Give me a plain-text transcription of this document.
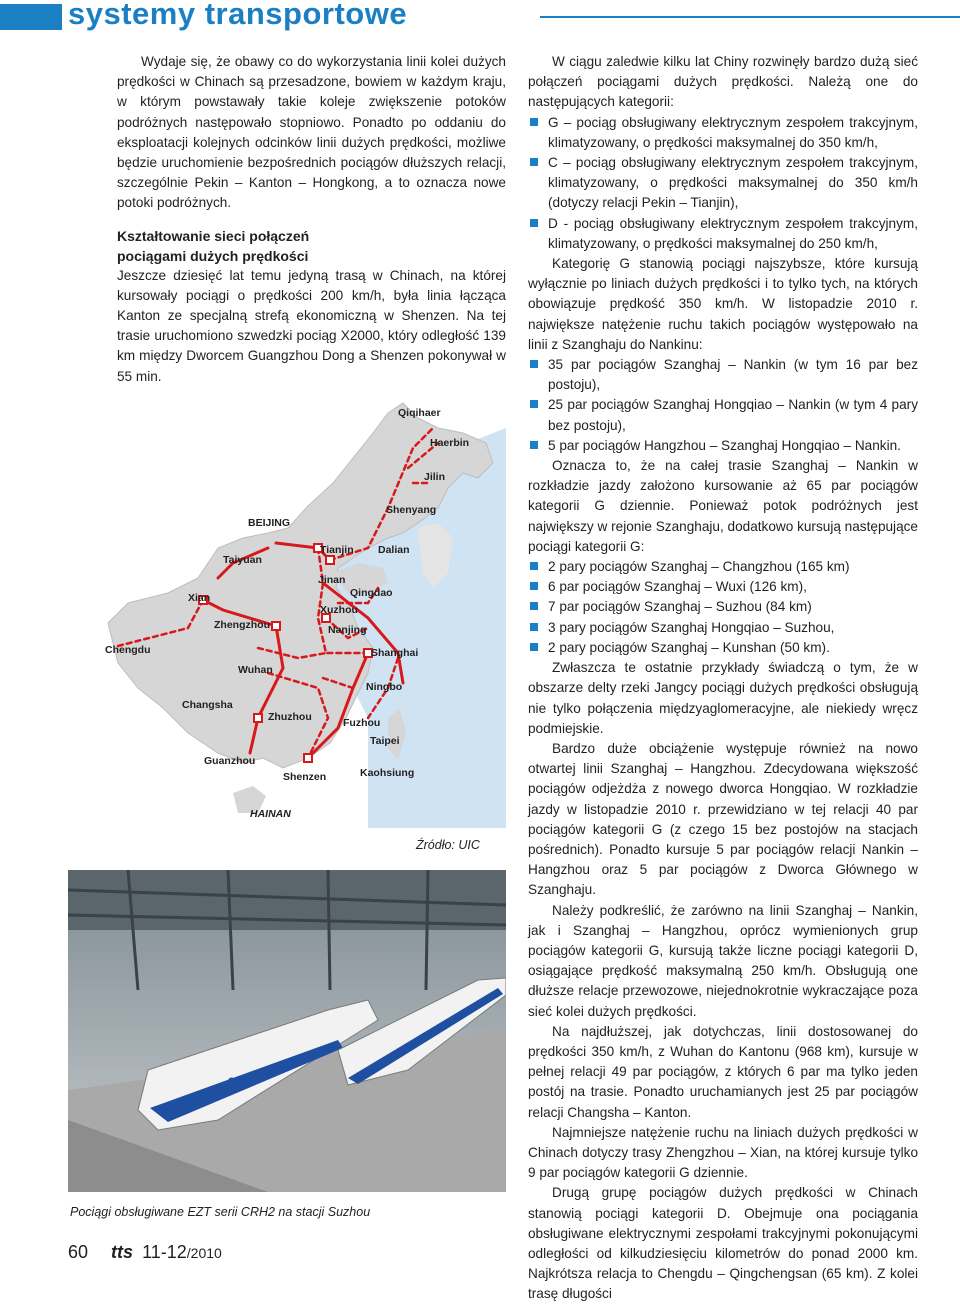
systemy transportowe

Wydaje się, że obawy co do wykorzystania linii kolei dużych prędkości w Chinach są przesadzone, bowiem w każdym kraju, w którym powstawały takie koleje zwiększenie potoków podróżnych następowało stopniowo. Ponadto po oddaniu do eksploatacji kolejnych odcinków linii dużych prędkości, możliwe będzie uruchomienie bezpośrednich pociągów dłuższych relacji, szczególnie Pekin – Kanton – Hongkong, a to oznacza nowe potoki podróżnych.

Kształtowanie sieci połączeń
pociągami dużych prędkości

Jeszcze dziesięć lat temu jedyną trasą w Chinach, na której kursowały pociągi o prędkości 200 km/h, była linia łącząca Kanton ze specjalną strefą ekonomiczną w Shenzen. Na tej trasie uruchomiono szwedzki pociąg X2000, który odległość 139 km między Dworcem Guangzhou Dong a Shenzen pokonywał w 55 min.

Qiqihaer
Haerbin
Jilin
Shenyang
BEIJING
Tianjin Dalian
Taiyuan
Jinan
Qingdao
Xian
Xuzhou
Zhengzhou	Nanjing
Chengdu	Shanghai
Wuhan
Ningbo
Changsha
Zhuzhou	Fuzhou
Taipei
Guanzhou
Shenzen	Kaohsiung
HAINAN
Źródło: UIC
CRH
Pociągi obsługiwane EZT serii CRH2 na stacji Suzhou

W ciągu zaledwie kilku lat Chiny rozwinęły bardzo dużą sieć połączeń pociągami dużych prędkości. Należą one do następujących kategorii:

G – pociąg obsługiwany elektrycznym zespołem trakcyjnym, klimatyzowany, o prędkości maksymalnej do 350 km/h,
C – pociąg obsługiwany elektrycznym zespołem trakcyjnym, klimatyzowany, o prędkości maksymalnej do 350 km/h (dotyczy relacji Pekin – Tianjin),
D - pociąg obsługiwany elektrycznym zespołem trakcyjnym, klimatyzowany, o prędkości maksymalnej do 250 km/h,

Kategorię G stanowią pociągi najszybsze, które kursują wyłącznie po liniach dużych prędkości i to tylko tych, na których obowiązuje prędkość 350 km/h. W listopadzie 2010 r. największe natężenie ruchu takich pociągów występowało na linii z Szanghaju do Nankinu:

35 par pociągów Szanghaj – Nankin (w tym 16 par bez postoju),
25 par pociągów Szanghaj Hongqiao – Nankin (w tym 4 pary bez postoju),
5 par pociągów Hangzhou – Szanghaj Hongqiao – Nankin.

Oznacza to, że na całej trasie Szanghaj – Nankin w rozkładzie jazdy założono kursowanie aż 65 par pociągów kategorii G dziennie. Ponieważ potok podróżnych jest największy w rejonie Szanghaju, dodatkowo kursują następujące pociągi kategorii G:

2 pary pociągów Szanghaj – Changzhou (165 km)
6 par pociągów Szanghaj – Wuxi (126 km),
7 par pociągów Szanghaj – Suzhou (84 km)
3 pary pociągów Szanghaj Hongqiao – Suzhou,
2 pary pociągów Szanghaj – Kunshan (50 km).

Zwłaszcza te ostatnie przykłady świadczą o tym, że w obszarze delty rzeki Jangcy pociągi dużych prędkości obsługują nie tylko połączenia międzyaglomeracyjne, ale niekiedy wręcz podmiejskie.

Bardzo duże obciążenie występuje również na nowo otwartej linii Szanghaj – Hangzhou. Zdecydowana większość pociągów odjeżdża z nowego dworca Hongqiao. W rozkładzie jazdy w listopadzie 2010 r. przewidziano w tej relacji 40 par pociągów kategorii G (z czego 15 bez postojów na stacjach pośrednich). Ponadto kursuje 5 par pociągów relacji Nankin – Hangzhou oraz 5 par pociągów z Dworca Głównego w Szanghaju.

Należy podkreślić, że zarówno na linii Szanghaj – Nankin, jak i Szanghaj – Hangzhou, oprócz wymienionych grup pociągów kategorii G, kursują także liczne pociągi kategorii D, osiągające prędkość maksymalną 250 km/h. Obsługują one dłuższe relacje przewozowe, niejednokrotnie wykraczające poza sieć kolei dużych prędkości.

Na najdłuższej, jak dotychczas, linii dostosowanej do prędkości 350 km/h, z Wuhan do Kantonu (968 km), kursuje w pełnej relacji 49 par pociągów, z których 6 par ma tylko jeden postój na trasie. Ponadto uruchamianych jest 25 par pociągów relacji Changsha – Kanton.

Najmniejsze natężenie ruchu na liniach dużych prędkości w Chinach dotyczy trasy Zhengzhou – Xian, na której kursuje tylko 9 par pociągów kategorii G dziennie.

Drugą grupę pociągów dużych prędkości w Chinach stanowią pociągi kategorii D. Obejmuje ona pociągania obsługiwane elektrycznymi zespołami trakcyjnymi pokonującymi odległości od kilkudziesięciu kilometrów do ponad 2000 km. Najkrótsza relacja to Chengdu – Qingchengsan (65 km). Z kolei trasę długości

60 tts 11-12/2010
